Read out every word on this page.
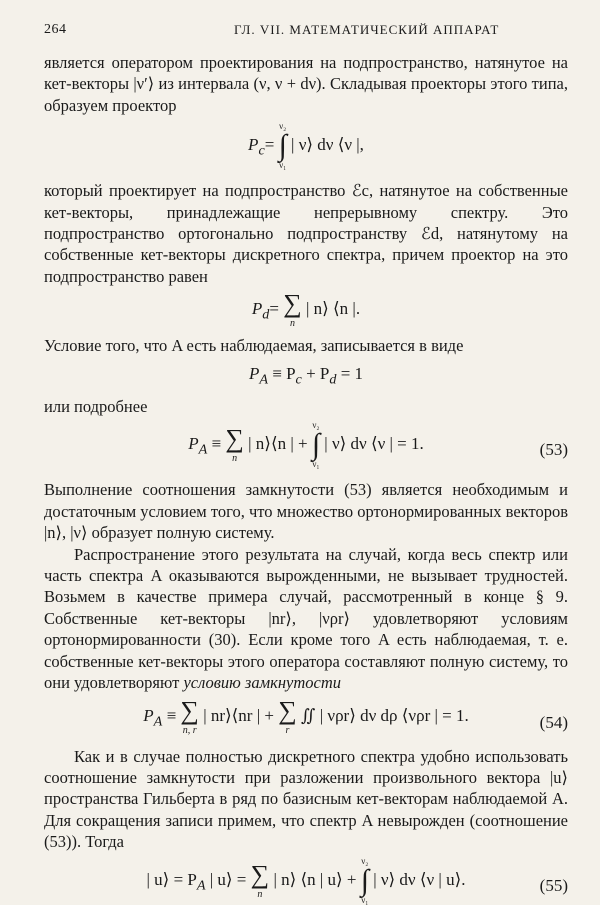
264	ГЛ. VII. МАТЕМАТИЧЕСКИЙ АППАРАТ

является оператором проектирования на подпространство, натянутое на кет-векторы |ν′⟩ из интервала (ν, ν + dν). Складывая проекторы этого типа, образуем проектор

$P_c=$
ν₂
∫
ν₁
| ν⟩ dν ⟨ν |,

который проектирует на подпространство ℰc, натянутое на собственные кет-векторы, принадлежащие непрерывному спектру. Это подпространство ортогонально подпространству ℰd, натянутому на собственные кет-векторы дискретного спектра, причем проектор на это подпространство равен

$P_d=$ ∑
n
| n⟩ ⟨n |.

Условие того, что A есть наблюдаемая, записывается в виде

$P_A \equiv P_c + P_d = 1$

или подробнее

$P_A$ ≡ ∑
n
| n⟩⟨n | +
ν₂
∫
ν₁
| ν⟩ dν ⟨ν | = 1.	(53)

Выполнение соотношения замкнутости (53) является необходимым и достаточным условием того, что множество ортонормированных векторов |n⟩, |ν⟩ образует полную систему.

Распространение этого результата на случай, когда весь спектр или часть спектра A оказываются вырожденными, не вызывает трудностей. Возьмем в качестве примера случай, рассмотренный в конце § 9. Собственные кет-векторы |nr⟩, |νρr⟩ удовлетворяют условиям ортонормированности (30). Если кроме того A есть наблюдаемая, т. е. собственные кет-векторы этого оператора составляют полную систему, то они удовлетворяют условию замкнутости

$P_A$ ≡ ∑
n, r
| nr⟩⟨nr | + ∑
r
∬ | νρr⟩ dν dρ ⟨νρr | = 1.	(54)

Как и в случае полностью дискретного спектра удобно использовать соотношение замкнутости при разложении произвольного вектора |u⟩ пространства Гильберта в ряд по базисным кет-векторам наблюдаемой A. Для сокращения записи примем, что спектр A невырожден (соотношение (53)). Тогда

| u⟩ = $P_A$ | u⟩ = ∑
n
| n⟩ ⟨n | u⟩ +
ν₂
∫
ν₁
| ν⟩ dν ⟨ν | u⟩.	(55)
